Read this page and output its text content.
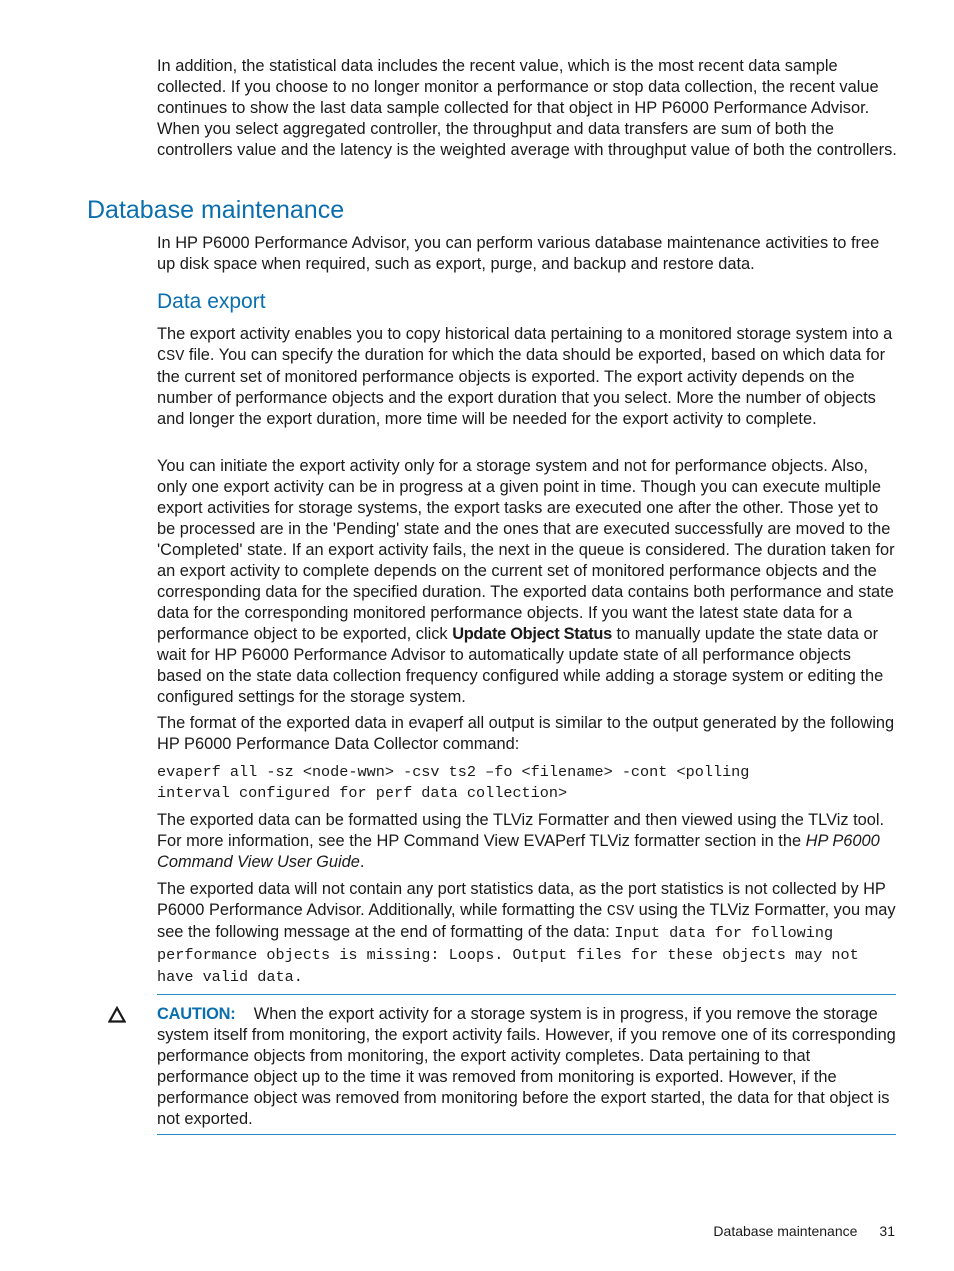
In addition, the statistical data includes the recent value, which is the most recent data sample collected. If you choose to no longer monitor a performance or stop data collection, the recent value continues to show the last data sample collected for that object in HP P6000 Performance Advisor. When you select aggregated controller, the throughput and data transfers are sum of both the controllers value and the latency is the weighted average with throughput value of both the controllers.

Database maintenance

In HP P6000 Performance Advisor, you can perform various database maintenance activities to free up disk space when required, such as export, purge, and backup and restore data.

Data export

The export activity enables you to copy historical data pertaining to a monitored storage system into a CSV file. You can specify the duration for which the data should be exported, based on which data for the current set of monitored performance objects is exported. The export activity depends on the number of performance objects and the export duration that you select. More the number of objects and longer the export duration, more time will be needed for the export activity to complete.

You can initiate the export activity only for a storage system and not for performance objects. Also, only one export activity can be in progress at a given point in time. Though you can execute multiple export activities for storage systems, the export tasks are executed one after the other. Those yet to be processed are in the 'Pending' state and the ones that are executed successfully are moved to the 'Completed' state. If an export activity fails, the next in the queue is considered. The duration taken for an export activity to complete depends on the current set of monitored performance objects and the corresponding data for the specified duration. The exported data contains both performance and state data for the corresponding monitored performance objects. If you want the latest state data for a performance object to be exported, click Update Object Status to manually update the state data or wait for HP P6000 Performance Advisor to automatically update state of all performance objects based on the state data collection frequency configured while adding a storage system or editing the configured settings for the storage system.

The format of the exported data in evaperf all output is similar to the output generated by the following HP P6000 Performance Data Collector command:

evaperf all -sz <node-wwn> -csv ts2 –fo <filename> -cont <polling
interval configured for perf data collection>

The exported data can be formatted using the TLViz Formatter and then viewed using the TLViz tool. For more information, see the HP Command View EVAPerf TLViz formatter section in the HP P6000 Command View User Guide.

The exported data will not contain any port statistics data, as the port statistics is not collected by HP P6000 Performance Advisor. Additionally, while formatting the CSV using the TLViz Formatter, you may see the following message at the end of formatting of the data: Input data for following performance objects is missing: Loops. Output files for these objects may not have valid data.

CAUTION: When the export activity for a storage system is in progress, if you remove the storage system itself from monitoring, the export activity fails. However, if you remove one of its corresponding performance objects from monitoring, the export activity completes. Data pertaining to that performance object up to the time it was removed from monitoring is exported. However, if the performance object was removed from monitoring before the export started, the data for that object is not exported.

Database maintenance 31
